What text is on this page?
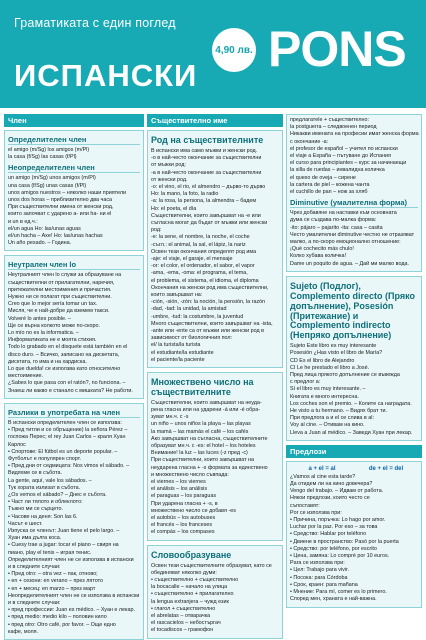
Граматиката с един поглед
ИСПАНСКИ
4,90 лв. PONS
Член
Определителен член
el amigo (m/Sg) los amigos (m/Pl)
la casa (f/Sg) las casas (f/Pl)
Неопределителен член
un amigo (m/Sg) unos amigos (m/Pl)
una casa (f/Sg) unas casas (f/Pl)
unos amigos nuestros – няколко наши приятели
unos dos horas – приблизително два часа
При съществителни имена от женски род,
които започват с ударено a- или ha- ни el
и un в ед.ч.:
el/un agua Но: las/unas aguas
el/un hacha – Axe! Но: las/unas hachas
Un año pesado. – Година.
Неутрален член lo
Неутралният член lo служи за образуване на
съществителни от прилагателни, наречия,
притежателни местоимения и причастия.
Нужно ни се полагат при съществителни.
Creo que lo mejor sería tomar un tax.
Мисля, че е най-добре да вземем такси.
Volveré lo antes posible. –
Ще се върна колкото може по-скоро.
Lo mío no es la informatica. –
Информатиката не е моята стихия.
Todo lo grabado en el disquete está también en el
disco duro. – Всичко, записано на дискетата,
дисктата, го има и на хардиска.
Lo que duelda! се използва като относително
местоимение.
¿Sabes lo que pasa con el ratón?, no funciona. –
Знаеш ли какво е станало с мишката? Не работи.
Разлики в употребата на член
В испански определителен член се използва:
• Пред титли и се обръщение) la señora Pérez –
госпожа Перес; el rey Juan Carlos – краля Хуан
Карлос
• Спортове: El fútbol es un deporte popular. –
Футболът е популярен спорт.
• Пред дни от седмицата: Nos vimos el sábado. –
Видяхме се в събота.
La gente, aquí, vale los sábados. –
Тук хората излизат в събота.
¿Os vemos el sábado? – Днес е събота.
• Част ли тялото и облеклото:
Тъжно ми се сърцето.
• Часове на деня: Son las 6.
Часът е шест.
Изпуска се членът: Juan tiene el pelo largo. –
Хуан има дълга коса.
• Cuesy trae a jugar: tocar el piano – свиря на
пиано, play el tenis – играя тенис.
Определителният член не се използва в испански
и в следните случаи:
• Пред otro: – otra vez – пак, отново;
• en + сезони: en verano – през лятото
• en + месец: en marzo – през март
Неопределителният член не се използва в испански
и в следните случаи:
• пред профессии: Juan es médico. – Хуан е лекар.
• пред medio: medio kilo – половин кило
• пред otro: Otro café, por favor. – Още едно
кафе, моля.
Съществително име
Род на съществителните
В испански има само мъжки и женски род.
-o в най-често окончание за съществителни
от мъжки род:
-a в най-често окончание за съществителни
от женски род.
-o: el vino, el rio, el almendro – дърво-то дърво
Но: la mano, la foto, la radio
-a: la rosa, la persona, la almendra – бадем
Но: el poeta, el día
Съществителни, които завършват на -e или
съгласна могат да бъдат от мъжки или женски
род:
-e: la sene, el nombre, la noche, el coche
-съгл.: el animal, la sal, el lápiz, la nariz
Освен тези окончания определят род има
-aje: el viaje, el garaje, el mensaje
-or: el color, el ordenador, el sabor, el vapor
-ama, -ema, -oma: el programa, el tema,
el problema, el sistema, el idioma, el diploma
Окончания на женски род има съществителни,
които завършват на:
-ción, -sión, -zón: la noción, la pensión, la razón
-dad, -tad: la unidad, la amistad
-umbre, -tud: la costumbre, la juventud
Много съществителни, които завършват на -ista,
-ante или -ente са от мъжки или женски род в
зависимост от биологичния пол:
el/ la turista/la turista
el estudiante/la estudiante
el paciente/la paciente
Множествено число на съществителните
Съществителни, които завършват на неуда-
рена гласна или на ударени -á или -é обра-
зуват мн.ч. с -s
un niño – unos niños la playa – las playas
la mamá – las mamás el café – los cafés
Ако завършват на съгласна, съществителните
образуват мн.ч. с -es: el hotel – los hoteles
Внимание! la luz – las luces (-z пред -c)
При съществителни, които завършват на
неударена гласна + -s формата за единствено
и множествено число съвпада:
el viernes – los viernes
el análisis – los análisis
el paraguas – los paraguas
При ударена гласна + -s, в
множествено число се добавя -es
el autobús – los autobuses
el francés – los franceses
el compás – los compases
Словообразуване
Освен тези съществителните образуват, като се
обединяват няколко думи:
• съществително + съществително
la bocacalle – начало на улица
• съществително + прилагателно
la lengua extranjera – чужд език
• глагол + съществително
el abrelatas – отварачка
el rascacielos – небостъргач
el tocadiscos – грамофон
предлагатele + съществително:
la postguerra – следвоенен период
Никакви имената на професии имат женска форма
с окончание -a:
el profesor de español – учител по испански
el viaje a España – пътуване до Испания
el curso para principiantes – курс за начинаещи
la silla de ruedas – инвалидна количка
el queso de oveja – сирене
la cartera de piel – кожена чанта
el cuchillo de pan – нож за хляб
Diminutive (умалителна форма)
Чрез добавяне на наставки към основната
дума се създава по-малка форма:
-ito: pájaro – pajarito -ita: casa – casita
Често умалителни diminutive честно не отразяват
малко, а по-скоро емоционално отношение:
¡Qué cochecito más chulo!
Колко хубава количка!
Dame un poquito de agua. – Дай ми малко вода.
Sujeto (Подлог), Complemento directo (Пряко допълнение), Posesión (Притежание) и Complemento indirecto (Непряко допълнение)
Sujeto Este libro es muy interesante
Posesión ¿Has visto el libro de María?
CD Es el libro de Alejandro
CI Le he prestado el libro a José.
Пред лица прякото допълнение се въвежда
с предлог a:
Sí el libro es muy interesante. –
Книгата е много интересна.
Los coches son el premio. – Колите са наградата.
He visto a tu hermano. – Видях брат ти.
При предлога a и el се слива в al:
Voy al cine. – Отивам на кино.
Lleva a Juan al médico. – Заведи Хуан при лекар.
Предлози
a + el = al	de + el = del
¿Vamos al cine esta tarde?
Да отидем ли на кино довечера?
Vengo del trabajo. – Идвам от работа.
Някои предлози, които често се
съпоставят:
Por се използва при:
• Причина, поръчка: Lo hago por amor.
Luchar por la paz. Por eso – за това
• Средство: Hablar por teléfono
• Двиене в пространство: Pasó por la puerta
• Средство: por teléfono, por escrito
• Цена, замяна: Lo compré por 10 euros.
Para се използва при:
• Цел: Trabajo para vivir.
• Посока: para Córdoba
• Срок, краен: para mañana
• Мнение: Para mí, comer es lo primero.
Според мен, храната е най-важна.
